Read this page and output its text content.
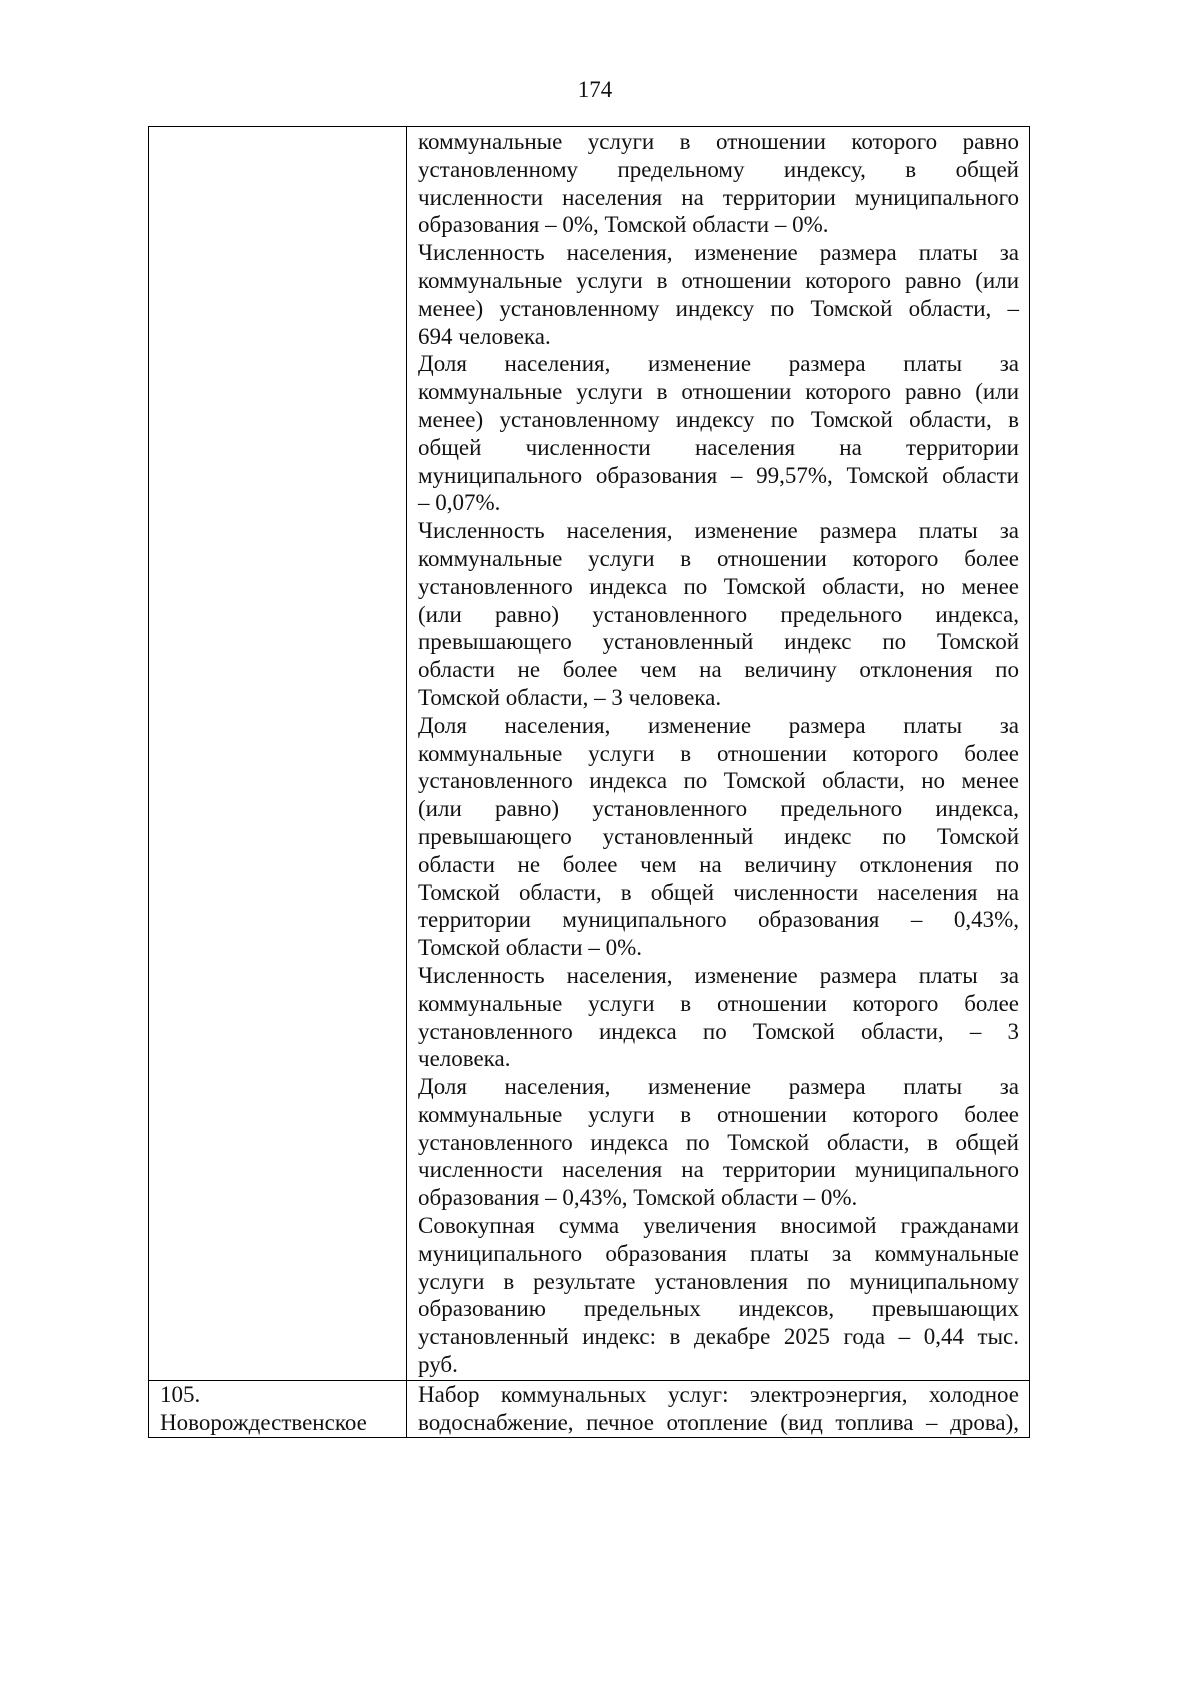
174
коммунальные услуги в отношении которого равно
установленному предельному индексу, в общей
численности населения на территории муниципального
образования – 0%, Томской области – 0%.
Численность населения, изменение размера платы за
коммунальные услуги в отношении которого равно (или
менее) установленному индексу по Томской области, –
694 человека.
Доля населения, изменение размера платы за
коммунальные услуги в отношении которого равно (или
менее) установленному индексу по Томской области, в
общей численности населения на территории
муниципального образования – 99,57%, Томской области
– 0,07%.
Численность населения, изменение размера платы за
коммунальные услуги в отношении которого более
установленного индекса по Томской области, но менее
(или равно) установленного предельного индекса,
превышающего установленный индекс по Томской
области не более чем на величину отклонения по
Томской области, – 3 человека.
Доля населения, изменение размера платы за
коммунальные услуги в отношении которого более
установленного индекса по Томской области, но менее
(или равно) установленного предельного индекса,
превышающего установленный индекс по Томской
области не более чем на величину отклонения по
Томской области, в общей численности населения на
территории муниципального образования – 0,43%,
Томской области – 0%.
Численность населения, изменение размера платы за
коммунальные услуги в отношении которого более
установленного индекса по Томской области, – 3
человека.
Доля населения, изменение размера платы за
коммунальные услуги в отношении которого более
установленного индекса по Томской области, в общей
численности населения на территории муниципального
образования – 0,43%, Томской области – 0%.
Совокупная сумма увеличения вносимой гражданами
муниципального образования платы за коммунальные
услуги в результате установления по муниципальному
образованию предельных индексов, превышающих
установленный индекс: в декабре 2025 года – 0,44 тыс.
руб.
105.
Новорождественское
Набор коммунальных услуг: электроэнергия, холодное
водоснабжение, печное отопление (вид топлива – дрова),
